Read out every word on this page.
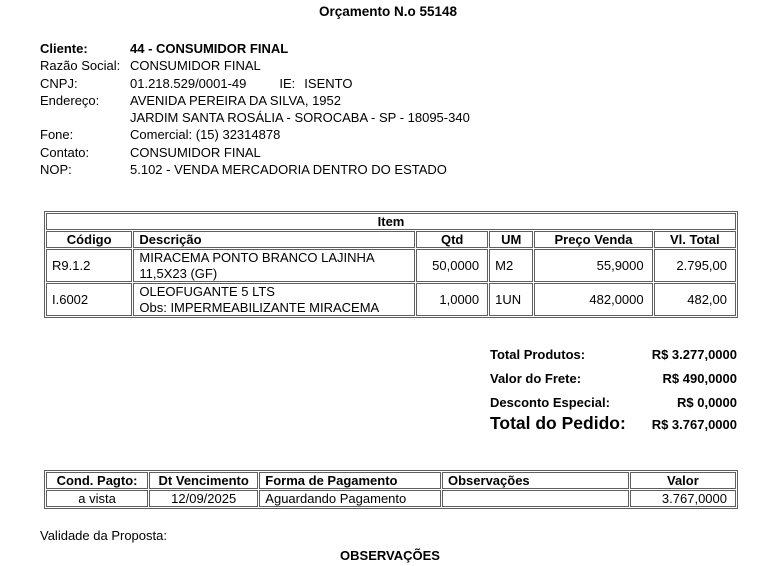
Orçamento N.o 55148
Cliente:	44 - CONSUMIDOR FINAL
Razão Social: CONSUMIDOR FINAL
CNPJ:	01.218.529/0001-49	IE: ISENTO
Endereço:	AVENIDA PEREIRA DA SILVA, 1952
JARDIM SANTA ROSÁLIA - SOROCABA - SP - 18095-340
Fone:	Comercial: (15) 32314878
Contato:	CONSUMIDOR FINAL
NOP:	5.102 - VENDA MERCADORIA DENTRO DO ESTADO
Item					
Código	Descrição	Qtd	UM	Preço Venda	Vl. Total
R9.1.2	MIRACEMA PONTO BRANCO LAJINHA
11,5X23 (GF)	50,0000	M2	55,9000	2.795,00
I.6002	OLEOFUGANTE 5 LTS
Obs: IMPERMEABILIZANTE MIRACEMA	1,0000	1UN	482,0000	482,00
Total Produtos:	R$ 3.277,0000
Valor do Frete:	R$ 490,0000
Desconto Especial:	R$ 0,0000
Total do Pedido: R$ 3.767,0000
Cond. Pagto:	Dt Vencimento	Forma de Pagamento	Observações	Valor
a vista	12/09/2025	Aguardando Pagamento		3.767,0000
Validade da Proposta:
OBSERVAÇÕES
